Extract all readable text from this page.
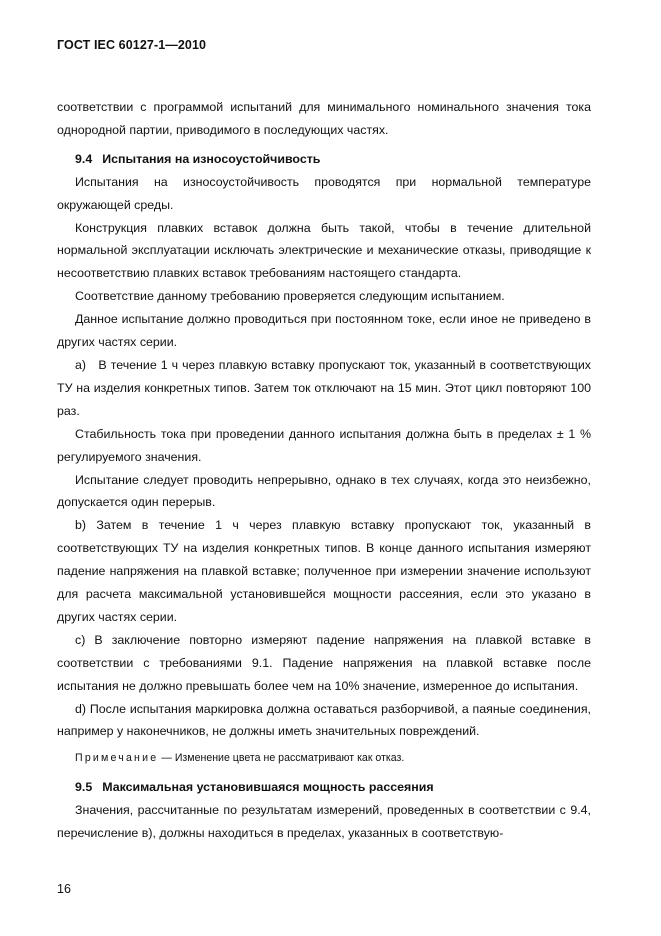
ГОСТ IEC 60127-1—2010

соответствии с программой испытаний для минимального номинального значения тока однородной партии, приводимого в последующих частях.

9.4 Испытания на износоустойчивость

Испытания на износоустойчивость проводятся при нормальной температуре окружающей среды.

Конструкция плавких вставок должна быть такой, чтобы в течение длительной нормальной эксплуатации исключать электрические и механические отказы, приводящие к несоответствию плавких вставок требованиям настоящего стандарта.

Соответствие данному требованию проверяется следующим испытанием.

Данное испытание должно проводиться при постоянном токе, если иное не приведено в других частях серии.

a) В течение 1 ч через плавкую вставку пропускают ток, указанный в соответствующих ТУ на изделия конкретных типов. Затем ток отключают на 15 мин. Этот цикл повторяют 100 раз.

Стабильность тока при проведении данного испытания должна быть в пределах ± 1 % регулируемого значения.

Испытание следует проводить непрерывно, однако в тех случаях, когда это неизбежно, допускается один перерыв.

b) Затем в течение 1 ч через плавкую вставку пропускают ток, указанный в соответствующих ТУ на изделия конкретных типов. В конце данного испытания измеряют падение напряжения на плавкой вставке; полученное при измерении значение используют для расчета максимальной установившейся мощности рассеяния, если это указано в других частях серии.

c) В заключение повторно измеряют падение напряжения на плавкой вставке в соответствии с требованиями 9.1. Падение напряжения на плавкой вставке после испытания не должно превышать более чем на 10% значение, измеренное до испытания.

d) После испытания маркировка должна оставаться разборчивой, а паяные соединения, например у наконечников, не должны иметь значительных повреждений.

Примечание — Изменение цвета не рассматривают как отказ.

9.5 Максимальная установившаяся мощность рассеяния

Значения, рассчитанные по результатам измерений, проведенных в соответствии с 9.4, перечисление в), должны находиться в пределах, указанных в соответствую-

16
